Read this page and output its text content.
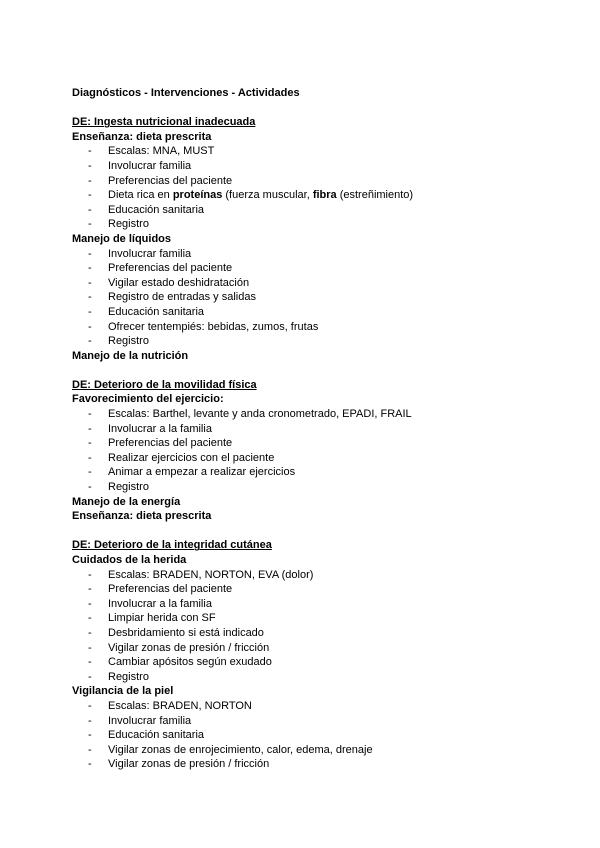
Diagnósticos - Intervenciones - Actividades

DE: Ingesta nutricional inadecuada

Enseñanza: dieta prescrita

- Escalas: MNA, MUST
- Involucrar familia
- Preferencias del paciente
- Dieta rica en proteínas (fuerza muscular, fibra (estreñimiento)
- Educación sanitaria
- Registro

Manejo de líquidos

- Involucrar familia
- Preferencias del paciente
- Vigilar estado deshidratación
- Registro de entradas y salidas
- Educación sanitaria
- Ofrecer tentempiés: bebidas, zumos, frutas
- Registro

Manejo de la nutrición

DE: Deterioro de la movilidad física

Favorecimiento del ejercicio:

- Escalas: Barthel, levante y anda cronometrado, EPADI, FRAIL
- Involucrar a la familia
- Preferencias del paciente
- Realizar ejercicios con el paciente
- Animar a empezar a realizar ejercicios
- Registro

Manejo de la energía

Enseñanza: dieta prescrita

DE: Deterioro de la integridad cutánea

Cuidados de la herida

- Escalas: BRADEN, NORTON, EVA (dolor)
- Preferencias del paciente
- Involucrar a la familia
- Limpiar herida con SF
- Desbridamiento si está indicado
- Vigilar zonas de presión / fricción
- Cambiar apósitos según exudado
- Registro

Vigilancia de la piel

- Escalas: BRADEN, NORTON
- Involucrar familia
- Educación sanitaria
- Vigilar zonas de enrojecimiento, calor, edema, drenaje
- Vigilar zonas de presión / fricción
